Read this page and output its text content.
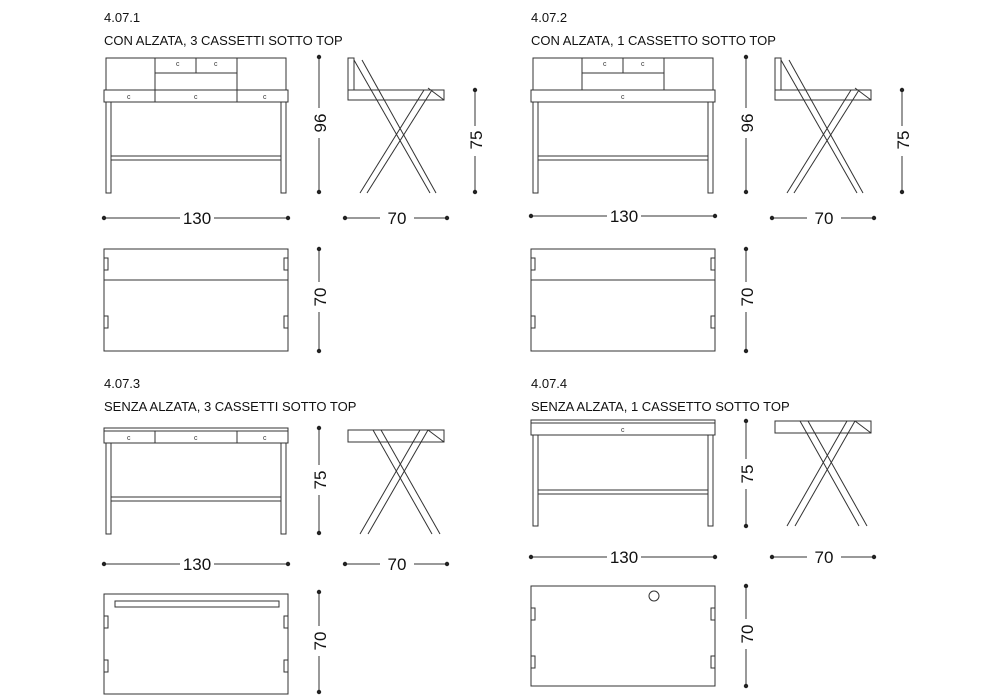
4.07.1
CON ALZATA, 3 CASSETTI SOTTO TOP
c	c
c	c	c
96
75
130	70
70
4.07.2
CON ALZATA, 1 CASSETTO SOTTO TOP
c	c
c
96
75
130	70
70
4.07.3
SENZA ALZATA, 3 CASSETTI SOTTO TOP
c	c	c
75
130	70
70
4.07.4
SENZA ALZATA, 1 CASSETTO SOTTO TOP
c
75
130	70
70
